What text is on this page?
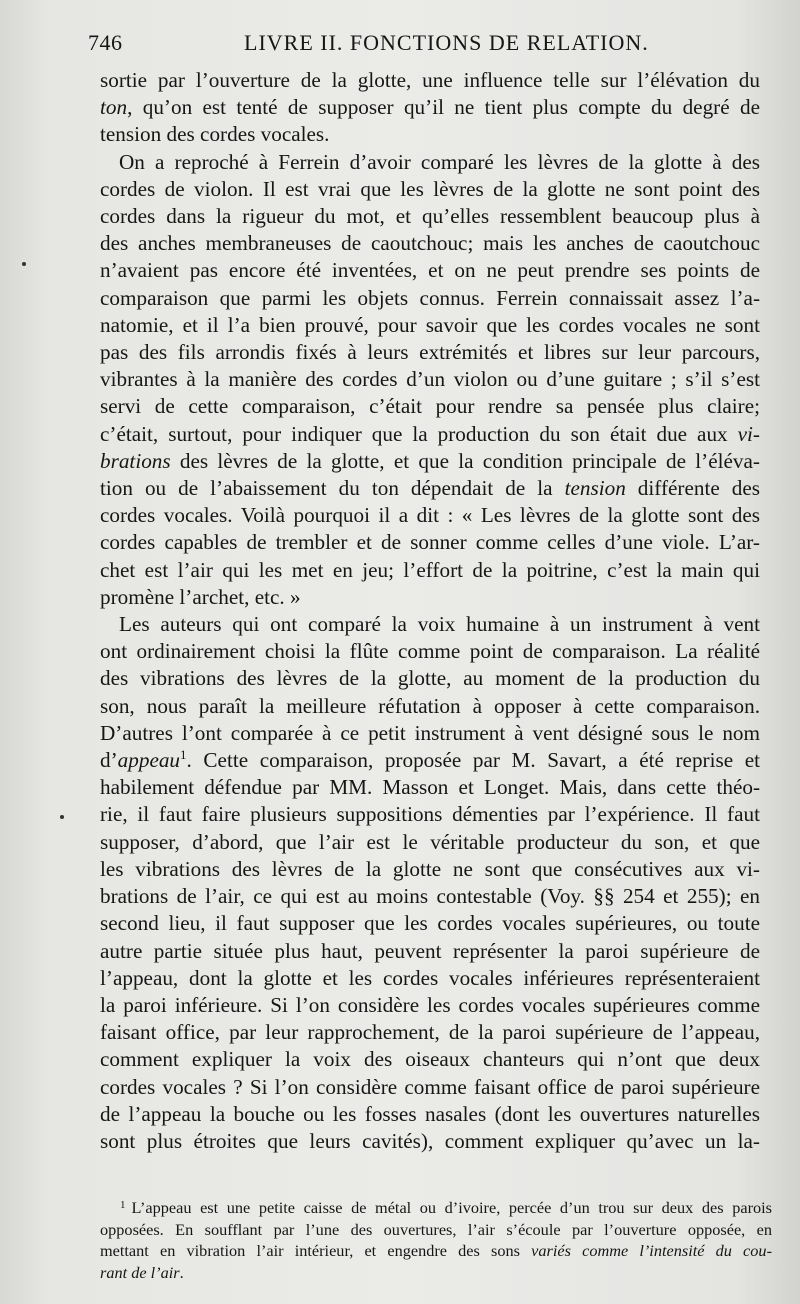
746	LIVRE II. FONCTIONS DE RELATION.
sortie par l’ouverture de la glotte, une influence telle sur l’élévation du
ton, qu’on est tenté de supposer qu’il ne tient plus compte du degré de
tension des cordes vocales.
On a reproché à Ferrein d’avoir comparé les lèvres de la glotte à des
cordes de violon. Il est vrai que les lèvres de la glotte ne sont point des
cordes dans la rigueur du mot, et qu’elles ressemblent beaucoup plus à
des anches membraneuses de caoutchouc; mais les anches de caoutchouc
n’avaient pas encore été inventées, et on ne peut prendre ses points de
comparaison que parmi les objets connus. Ferrein connaissait assez l’a-
natomie, et il l’a bien prouvé, pour savoir que les cordes vocales ne sont
pas des fils arrondis fixés à leurs extrémités et libres sur leur parcours,
vibrantes à la manière des cordes d’un violon ou d’une guitare ; s’il s’est
servi de cette comparaison, c’était pour rendre sa pensée plus claire;
c’était, surtout, pour indiquer que la production du son était due aux vi-
brations des lèvres de la glotte, et que la condition principale de l’éléva-
tion ou de l’abaissement du ton dépendait de la tension différente des
cordes vocales. Voilà pourquoi il a dit : « Les lèvres de la glotte sont des
cordes capables de trembler et de sonner comme celles d’une viole. L’ar-
chet est l’air qui les met en jeu; l’effort de la poitrine, c’est la main qui
promène l’archet, etc. »
Les auteurs qui ont comparé la voix humaine à un instrument à vent
ont ordinairement choisi la flûte comme point de comparaison. La réalité
des vibrations des lèvres de la glotte, au moment de la production du
son, nous paraît la meilleure réfutation à opposer à cette comparaison.
D’autres l’ont comparée à ce petit instrument à vent désigné sous le nom
d’appeau$^1$. Cette comparaison, proposée par M. Savart, a été reprise et
habilement défendue par MM. Masson et Longet. Mais, dans cette théo-
rie, il faut faire plusieurs suppositions démenties par l’expérience. Il faut
supposer, d’abord, que l’air est le véritable producteur du son, et que
les vibrations des lèvres de la glotte ne sont que consécutives aux vi-
brations de l’air, ce qui est au moins contestable (Voy. §§ 254 et 255); en
second lieu, il faut supposer que les cordes vocales supérieures, ou toute
autre partie située plus haut, peuvent représenter la paroi supérieure de
l’appeau, dont la glotte et les cordes vocales inférieures représenteraient
la paroi inférieure. Si l’on considère les cordes vocales supérieures comme
faisant office, par leur rapprochement, de la paroi supérieure de l’appeau,
comment expliquer la voix des oiseaux chanteurs qui n’ont que deux
cordes vocales ? Si l’on considère comme faisant office de paroi supérieure
de l’appeau la bouche ou les fosses nasales (dont les ouvertures naturelles
sont plus étroites que leurs cavités), comment expliquer qu’avec un la-
$^1$ L’appeau est une petite caisse de métal ou d’ivoire, percée d’un trou sur deux des parois
opposées. En soufflant par l’une des ouvertures, l’air s’écoule par l’ouverture opposée, en
mettant en vibration l’air intérieur, et engendre des sons variés comme l’intensité du cou-
rant de l’air.
